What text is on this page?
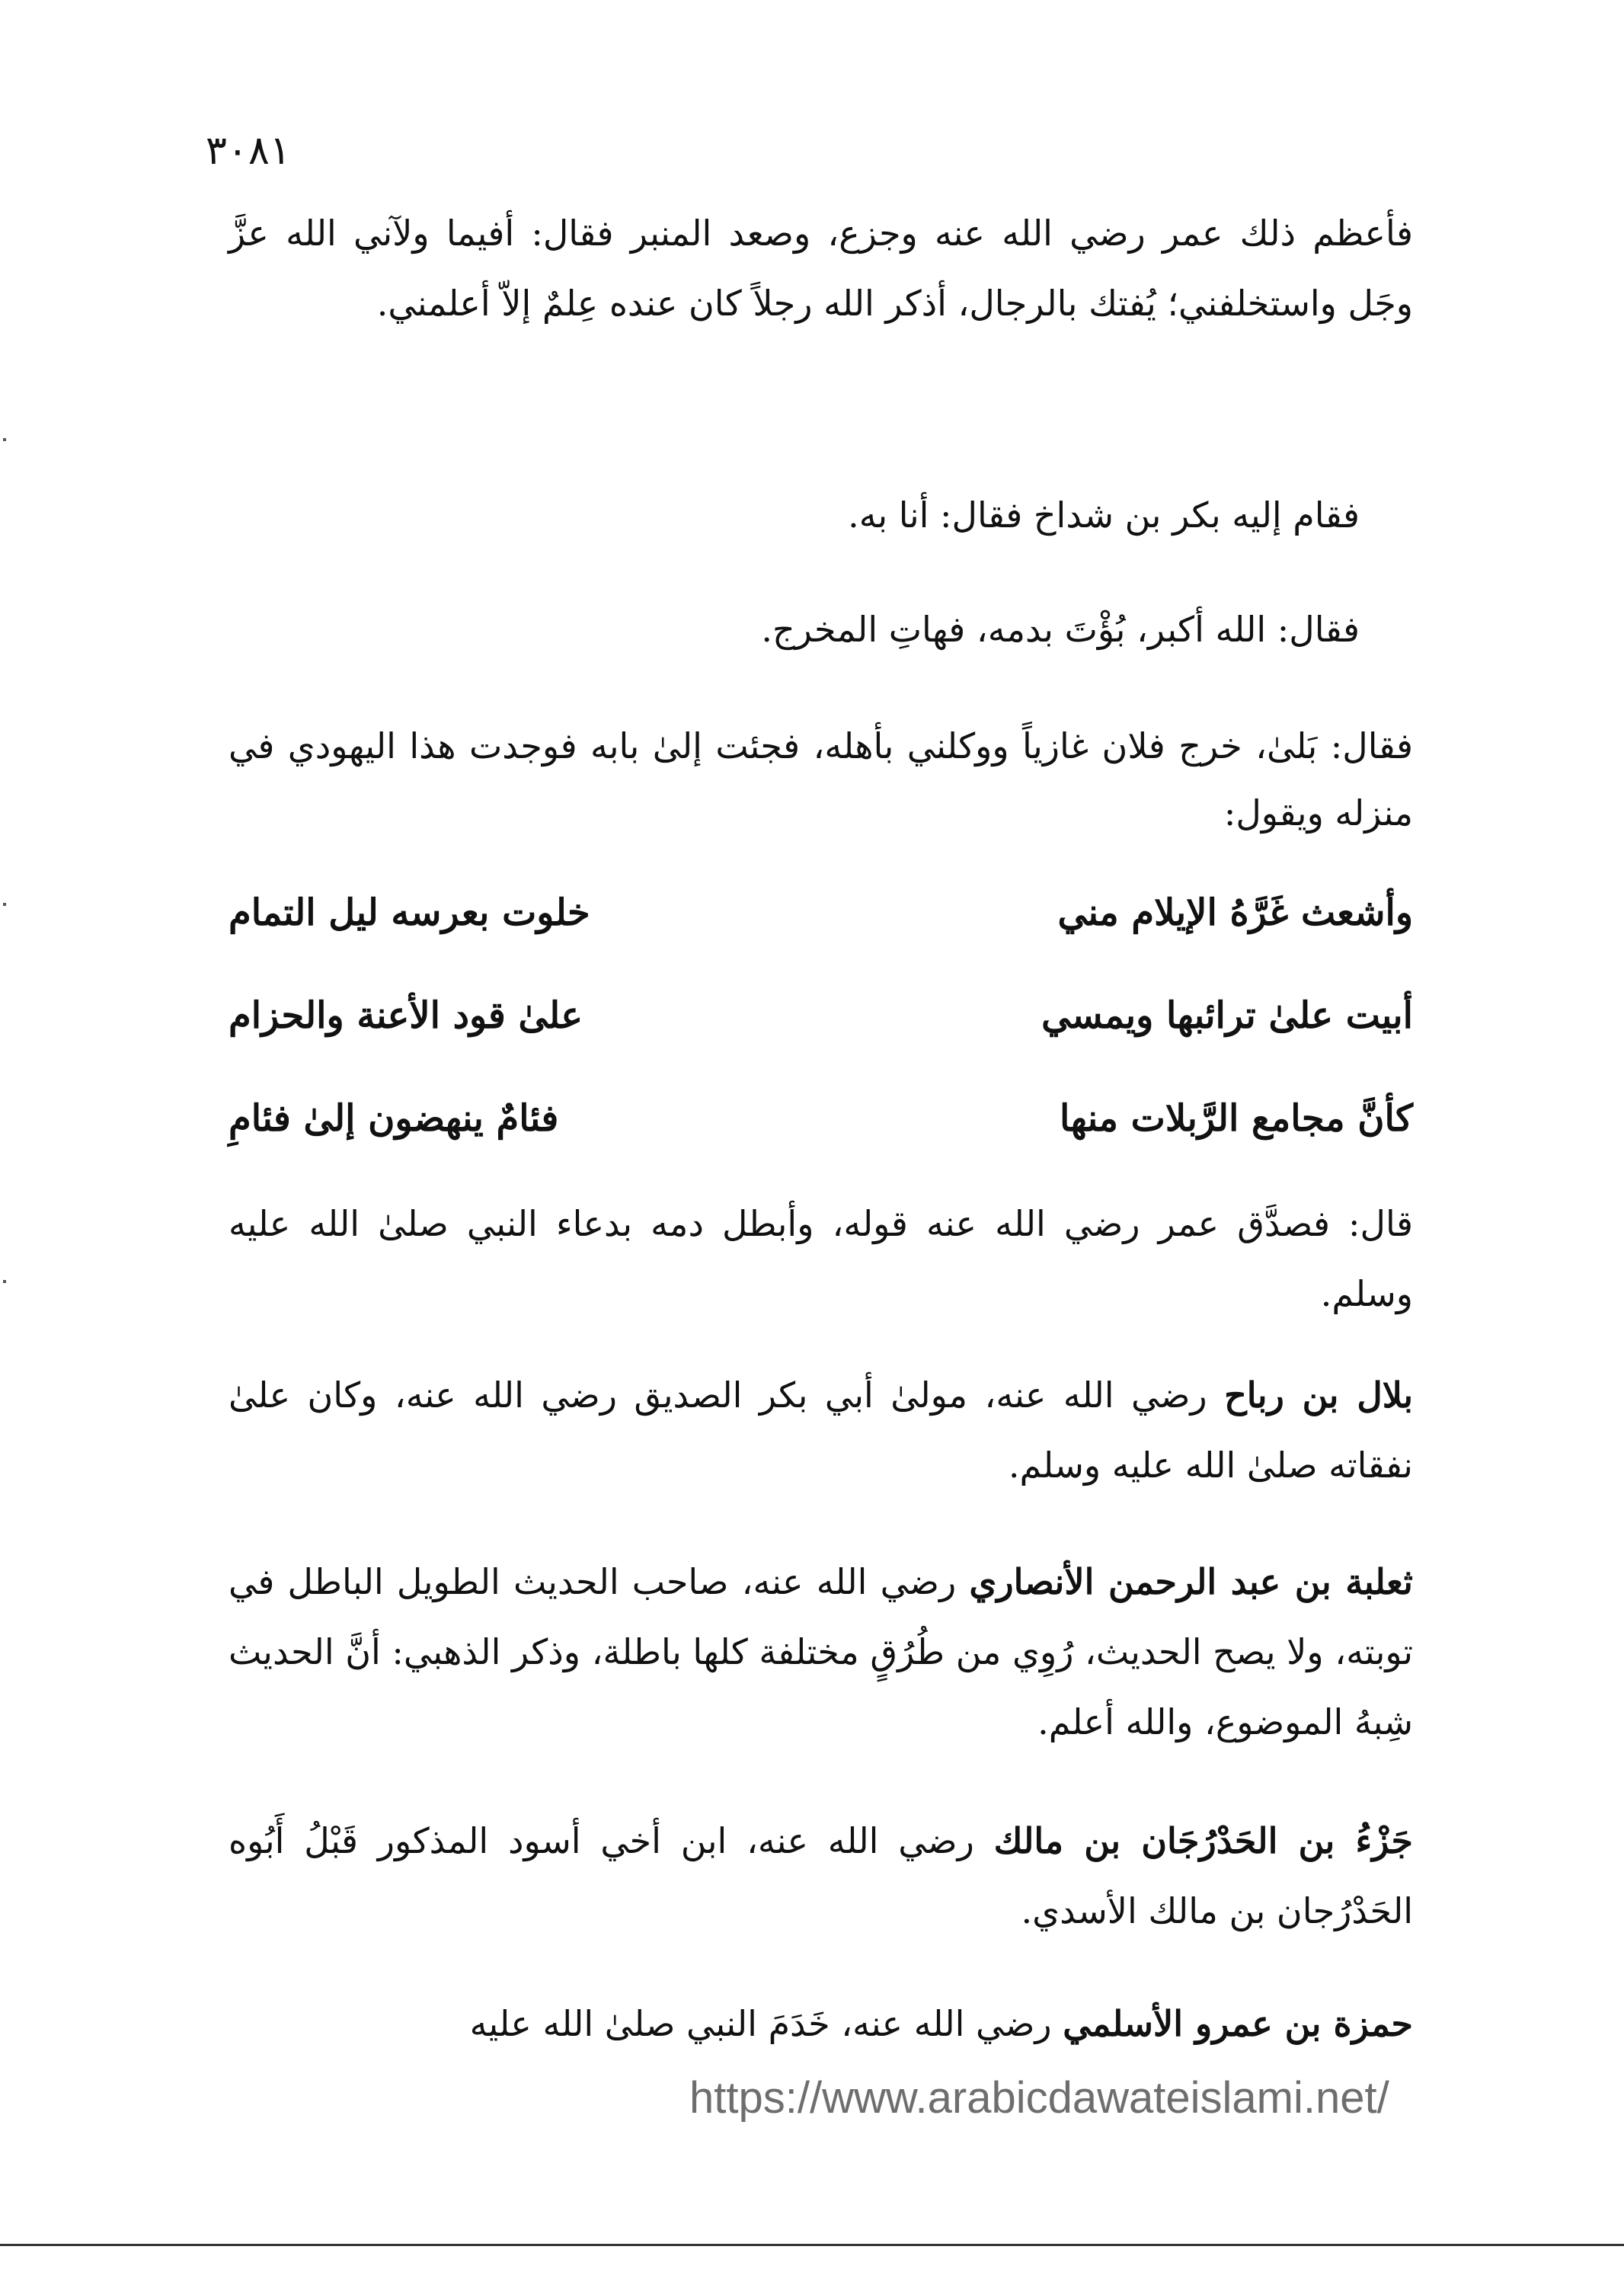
٣٠٨١

فأعظم ذلك عمر رضي الله عنه وجزع، وصعد المنبر فقال: أفيما ولآني الله عزَّ وجَل واستخلفني؛ يُفتك بالرجال، أذكر الله رجلاً كان عنده عِلمٌ إلاّ أعلمني.

فقام إليه بكر بن شداخ فقال: أنا به.

فقال: الله أكبر، بُؤْتَ بدمه، فهاتِ المخرج.

فقال: بَلىٰ، خرج فلان غازياً ووكلني بأهله، فجئت إلىٰ بابه فوجدت هذا اليهودي في منزله ويقول:

وأشعث غَرَّهُ الإيلام مني
خلوت بعرسه ليل التمام
أبيت علىٰ ترائبها ويمسي
علىٰ قود الأعنة والحزام
كأنَّ مجامع الرَّبلات منها
فئامٌ ينهضون إلىٰ فئامِ

قال: فصدَّق عمر رضي الله عنه قوله، وأبطل دمه بدعاء النبي صلىٰ الله عليه وسلم.

بلال بن رباح رضي الله عنه، مولىٰ أبي بكر الصديق رضي الله عنه، وكان علىٰ نفقاته صلىٰ الله عليه وسلم.

ثعلبة بن عبد الرحمن الأنصاري رضي الله عنه، صاحب الحديث الطويل الباطل في توبته، ولا يصح الحديث، رُوِي من طُرُقٍ مختلفة كلها باطلة، وذكر الذهبي: أنَّ الحديث شِبهُ الموضوع، والله أعلم.

جَزْءُ بن الحَدْرُجَان بن مالك رضي الله عنه، ابن أخي أسود المذكور قَبْلُ أَبُوه الحَدْرُجان بن مالك الأسدي.

حمزة بن عمرو الأسلمي رضي الله عنه، خَدَمَ النبي صلىٰ الله عليه

https://www.arabicdawateislami.net/
